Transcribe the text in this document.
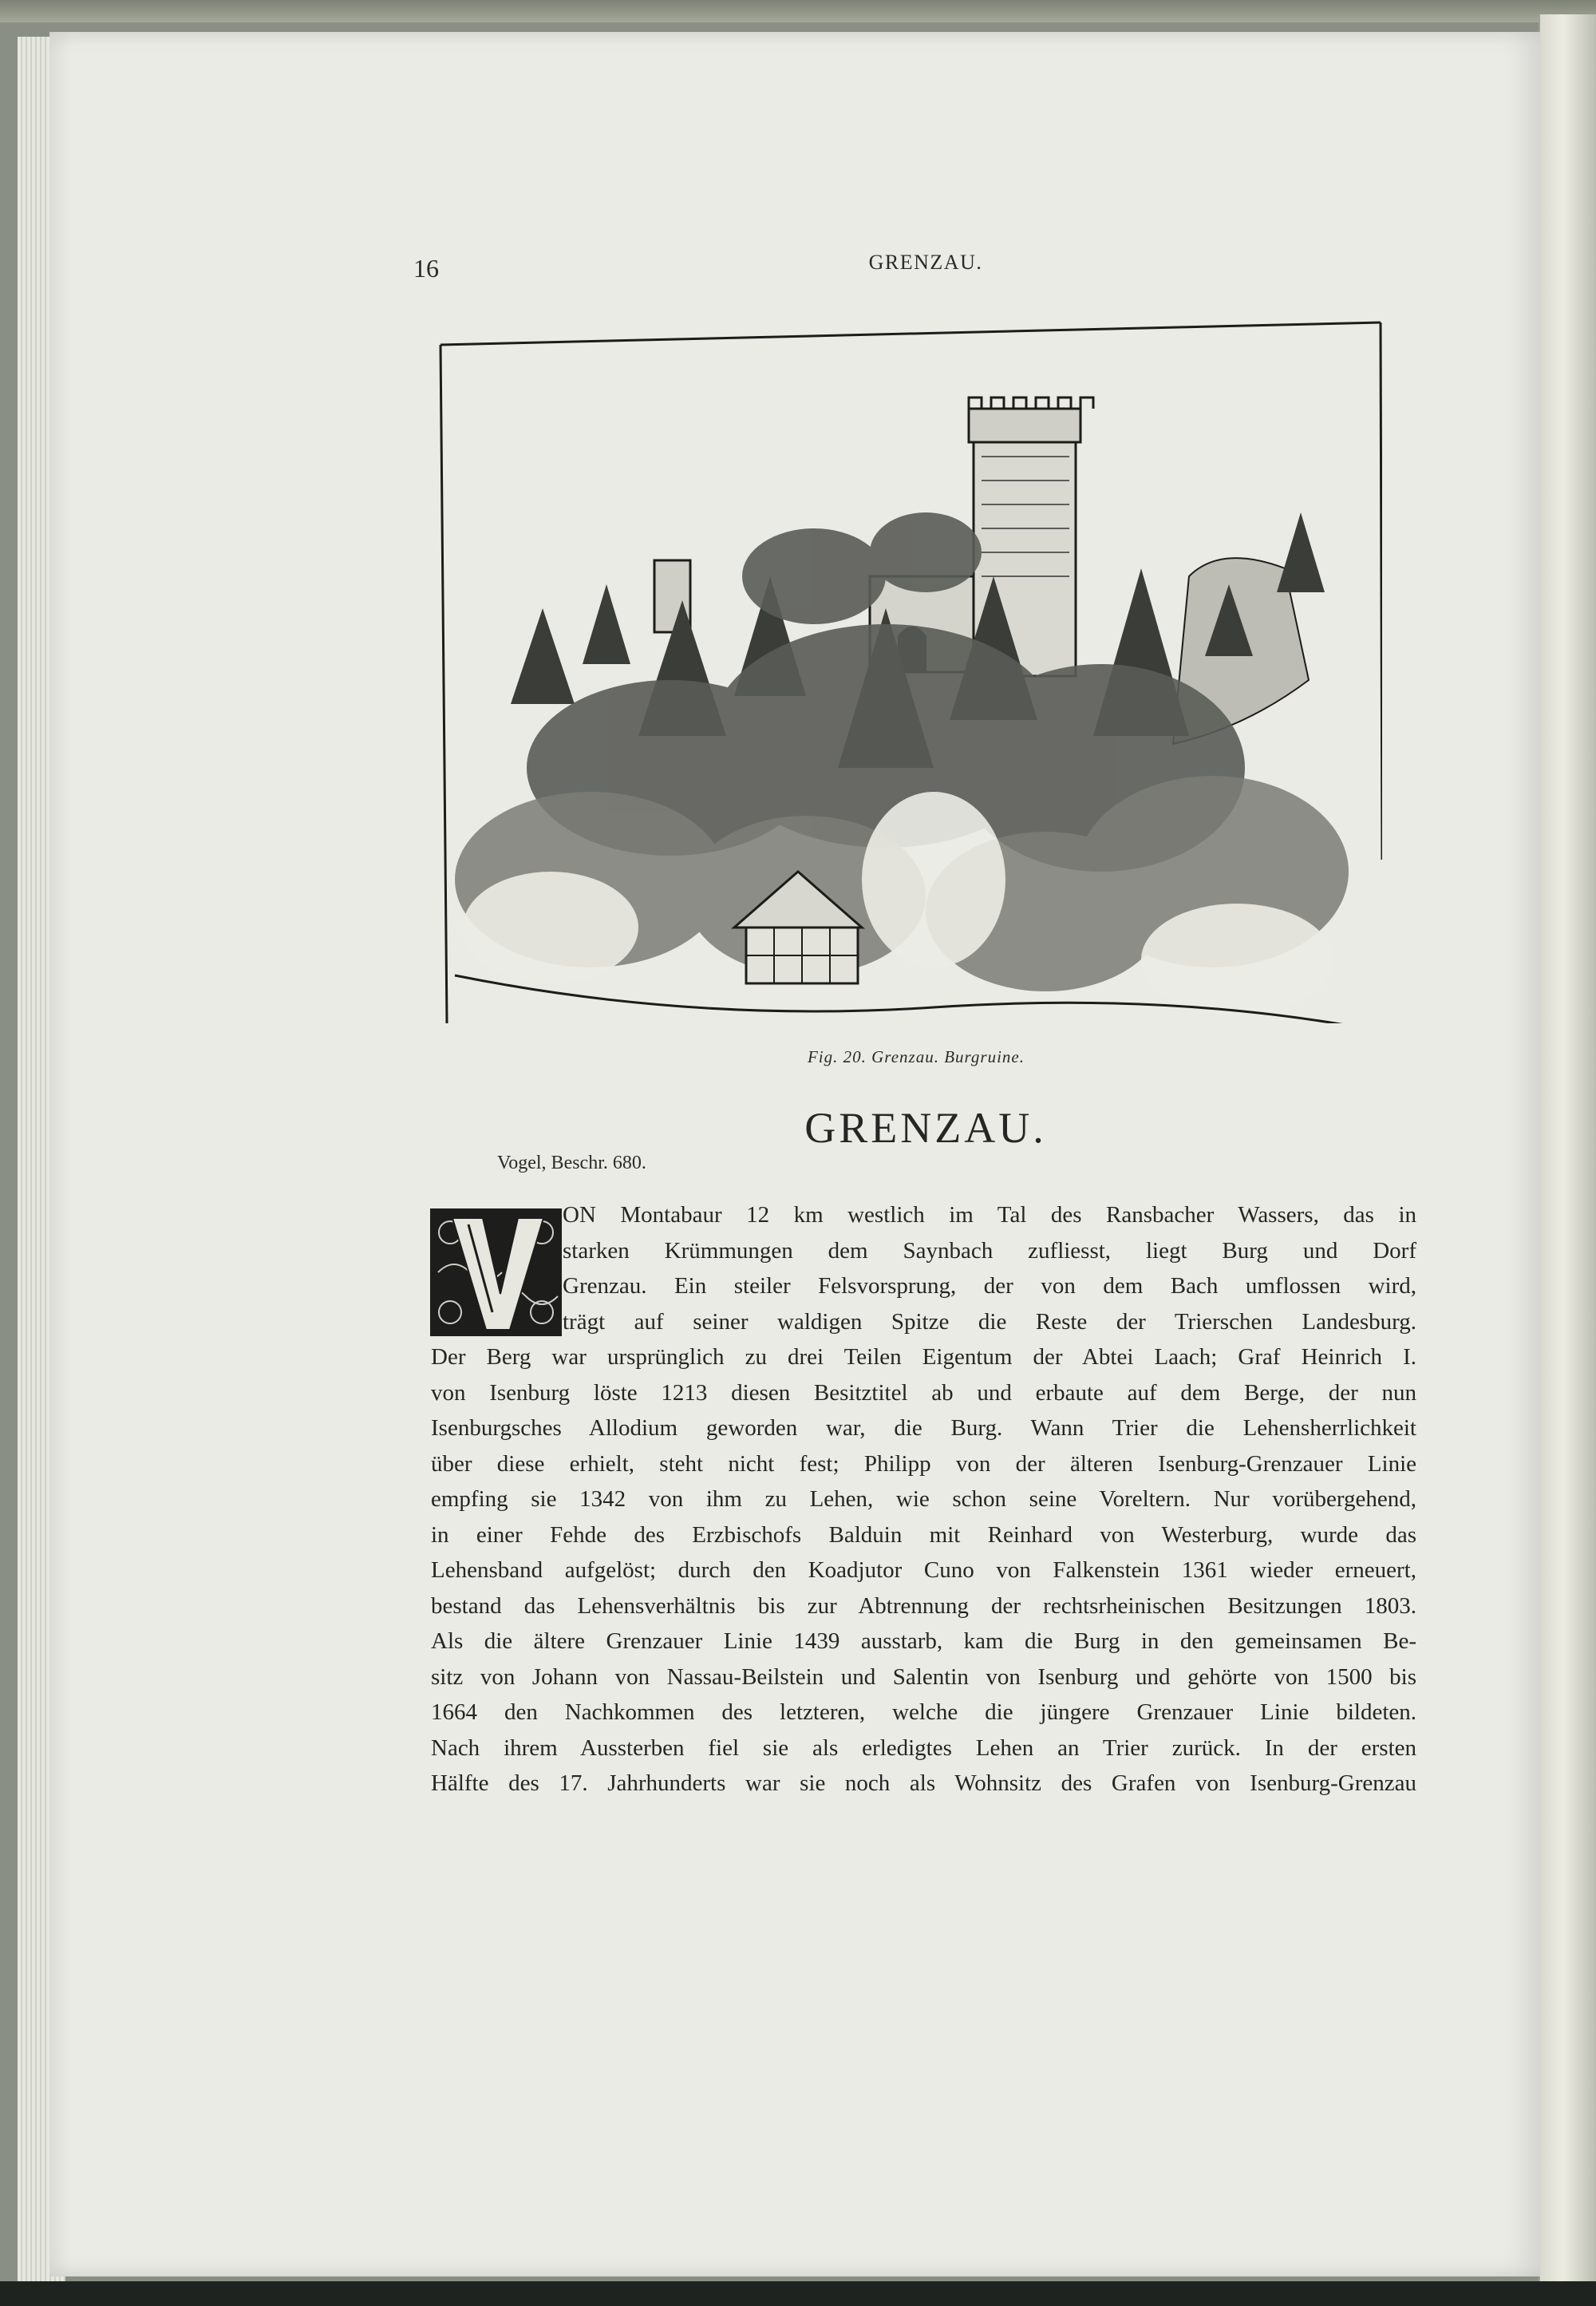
16	GRENZAU.
Fig. 20. Grenzau. Burgruine.
GRENZAU.
Vogel, Beschr. 680.
ON Montabaur 12 km westlich im Tal des Ransbacher Wassers, das in
starken Krümmungen dem Saynbach zufliesst, liegt Burg und Dorf
Grenzau. Ein steiler Felsvorsprung, der von dem Bach umflossen wird,
trägt auf seiner waldigen Spitze die Reste der Trierschen Landesburg.
Der Berg war ursprünglich zu drei Teilen Eigentum der Abtei Laach; Graf Heinrich I.
von Isenburg löste 1213 diesen Besitztitel ab und erbaute auf dem Berge, der nun
Isenburgsches Allodium geworden war, die Burg. Wann Trier die Lehensherrlichkeit
über diese erhielt, steht nicht fest; Philipp von der älteren Isenburg-Grenzauer Linie
empfing sie 1342 von ihm zu Lehen, wie schon seine Voreltern. Nur vorübergehend,
in einer Fehde des Erzbischofs Balduin mit Reinhard von Westerburg, wurde das
Lehensband aufgelöst; durch den Koadjutor Cuno von Falkenstein 1361 wieder erneuert,
bestand das Lehensverhältnis bis zur Abtrennung der rechtsrheinischen Besitzungen 1803.
Als die ältere Grenzauer Linie 1439 ausstarb, kam die Burg in den gemeinsamen Be-
sitz von Johann von Nassau-Beilstein und Salentin von Isenburg und gehörte von 1500 bis
1664 den Nachkommen des letzteren, welche die jüngere Grenzauer Linie bildeten.
Nach ihrem Aussterben fiel sie als erledigtes Lehen an Trier zurück. In der ersten
Hälfte des 17. Jahrhunderts war sie noch als Wohnsitz des Grafen von Isenburg-Grenzau
